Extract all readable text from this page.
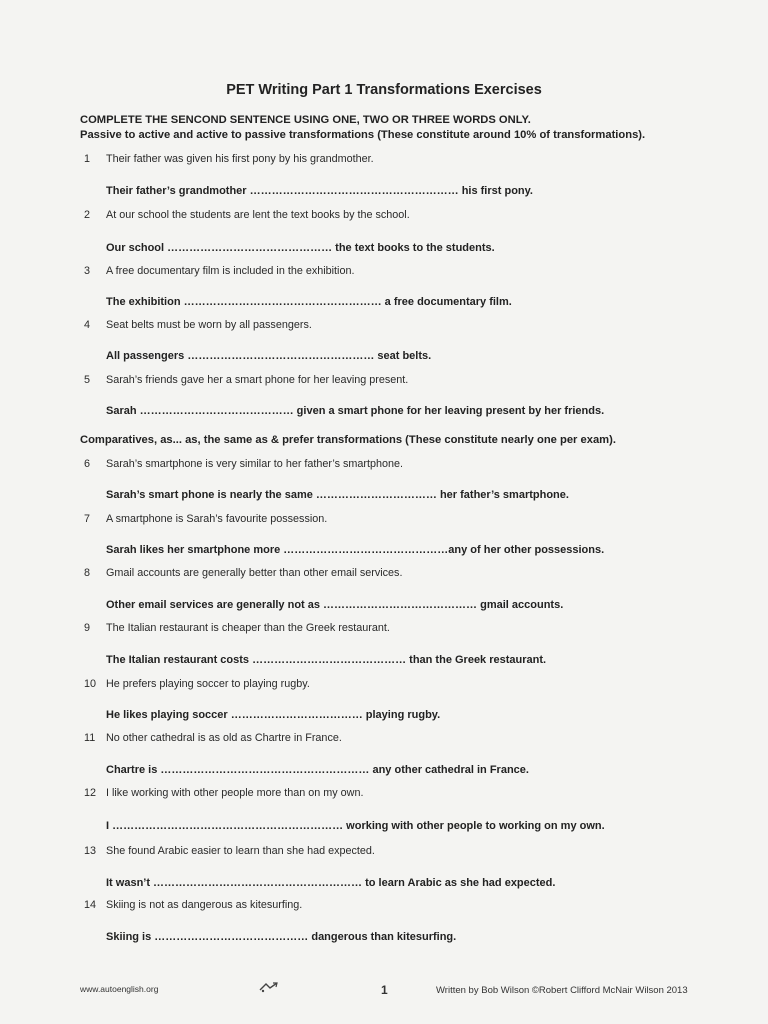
PET Writing Part 1 Transformations Exercises
COMPLETE THE SENCOND SENTENCE USING ONE, TWO OR THREE WORDS ONLY.
Passive to active and active to passive transformations (These constitute around 10% of transformations).
1 Their father was given his first pony by his grandmother.
Their father’s grandmother ………………………………………………… his first pony.
2 At our school the students are lent the text books by the school.
Our school ……………………………………… the text books to the students.
3 A free documentary film is included in the exhibition.
The exhibition ……………………………………………… a free documentary film.
4 Seat belts must be worn by all passengers.
All passengers …………………………………………… seat belts.
5 Sarah’s friends gave her a smart phone for her leaving present.
Sarah …………………………………… given a smart phone for her leaving present by her friends.
Comparatives, as... as, the same as & prefer transformations (These constitute nearly one per exam).
6 Sarah’s smartphone is very similar to her father’s smartphone.
Sarah’s smart phone is nearly the same …………………………… her father’s smartphone.
7 A smartphone is Sarah’s favourite possession.
Sarah likes her smartphone more ………………………………………any of her other possessions.
8 Gmail accounts are generally better than other email services.
Other email services are generally not as …………………………………… gmail accounts.
9 The Italian restaurant is cheaper than the Greek restaurant.
The Italian restaurant costs …………………………………… than the Greek restaurant.
10 He prefers playing soccer to playing rugby.
He likes playing soccer ……………………………… playing rugby.
11 No other cathedral is as old as Chartre in France.
Chartre is ………………………………………………… any other cathedral in France.
12 I like working with other people more than on my own.
I ……………………………………………………… working with other people to working on my own.
13 She found Arabic easier to learn than she had expected.
It wasn’t ………………………………………………… to learn Arabic as she had expected.
14 Skiing is not as dangerous as kitesurfing.
Skiing is …………………………………… dangerous than kitesurfing.
www.autoenglish.org	1	Written by Bob Wilson ©Robert Clifford McNair Wilson 2013
